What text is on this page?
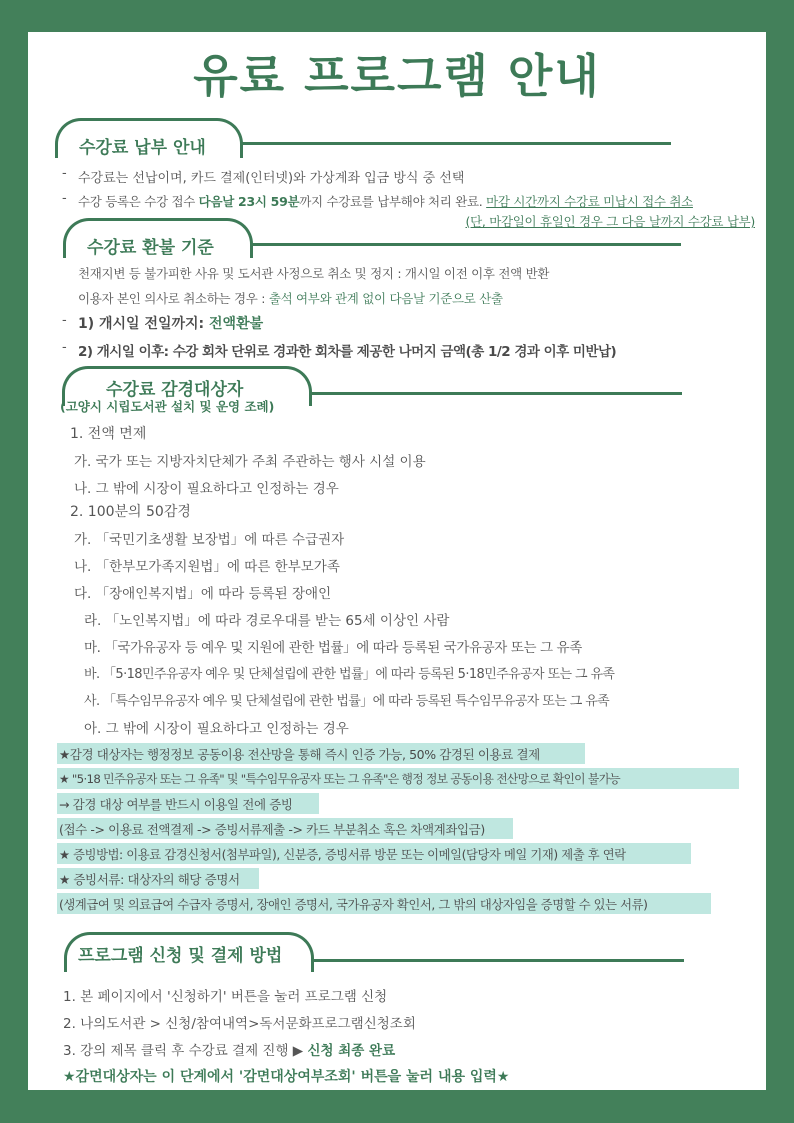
유료 프로그램 안내
수강료 납부 안내
- 수강료는 선납이며, 카드 결제(인터넷)와 가상계좌 입금 방식 중 선택
- 수강 등록은 수강 접수 다음날 23시 59분까지 수강료를 납부해야 처리 완료. 마감 시간까지 수강료 미납시 접수 취소
(단, 마감일이 휴일인 경우 그 다음 날까지 수강료 납부)
수강료 환불 기준
천재지변 등 불가피한 사유 및 도서관 사정으로 취소 및 정지 : 개시일 이전 이후 전액 반환
이용자 본인 의사로 취소하는 경우 : 출석 여부와 관계 없이 다음날 기준으로 산출
- 1) 개시일 전일까지: 전액환불
- 2) 개시일 이후: 수강 회차 단위로 경과한 회차를 제공한 나머지 금액(총 1/2 경과 이후 미반납)
수강료 감경대상자
(고양시 시립도서관 설치 및 운영 조례)
1. 전액 면제
가. 국가 또는 지방자치단체가 주최 주관하는 행사 시설 이용
나. 그 밖에 시장이 필요하다고 인정하는 경우
2. 100분의 50감경
가. 「국민기초생활 보장법」에 따른 수급권자
나. 「한부모가족지원법」에 따른 한부모가족
다. 「장애인복지법」에 따라 등록된 장애인
라. 「노인복지법」에 따라 경로우대를 받는 65세 이상인 사람
마. 「국가유공자 등 예우 및 지원에 관한 법률」에 따라 등록된 국가유공자 또는 그 유족
바. 「5·18민주유공자 예우 및 단체설립에 관한 법률」에 따라 등록된 5·18민주유공자 또는 그 유족
사. 「특수임무유공자 예우 및 단체설립에 관한 법률」에 따라 등록된 특수임무유공자 또는 그 유족
아. 그 밖에 시장이 필요하다고 인정하는 경우
★감경 대상자는 행정정보 공동이용 전산망을 통해 즉시 인증 가능, 50% 감경된 이용료 결제
★ "5·18 민주유공자 또는 그 유족" 및 "특수임무유공자 또는 그 유족"은 행정 정보 공동이용 전산망으로 확인이 불가능
→ 감경 대상 여부를 반드시 이용일 전에 증빙
(접수 -> 이용료 전액결제 -> 증빙서류제출 -> 카드 부분취소 혹은 차액계좌입금)
★ 증빙방법: 이용료 감경신청서(첨부파일), 신분증, 증빙서류 방문 또는 이메일(담당자 메일 기재) 제출 후 연락
★ 증빙서류: 대상자의 해당 증명서
(생계급여 및 의료급여 수급자 증명서, 장애인 증명서, 국가유공자 확인서, 그 밖의 대상자임을 증명할 수 있는 서류)
프로그램 신청 및 결제 방법
1. 본 페이지에서 '신청하기' 버튼을 눌러 프로그램 신청
2. 나의도서관 > 신청/참여내역>독서문화프로그램신청조회
3. 강의 제목 클릭 후 수강료 결제 진행 ▶ 신청 최종 완료
★감면대상자는 이 단계에서 '감면대상여부조회' 버튼을 눌러 내용 입력★
